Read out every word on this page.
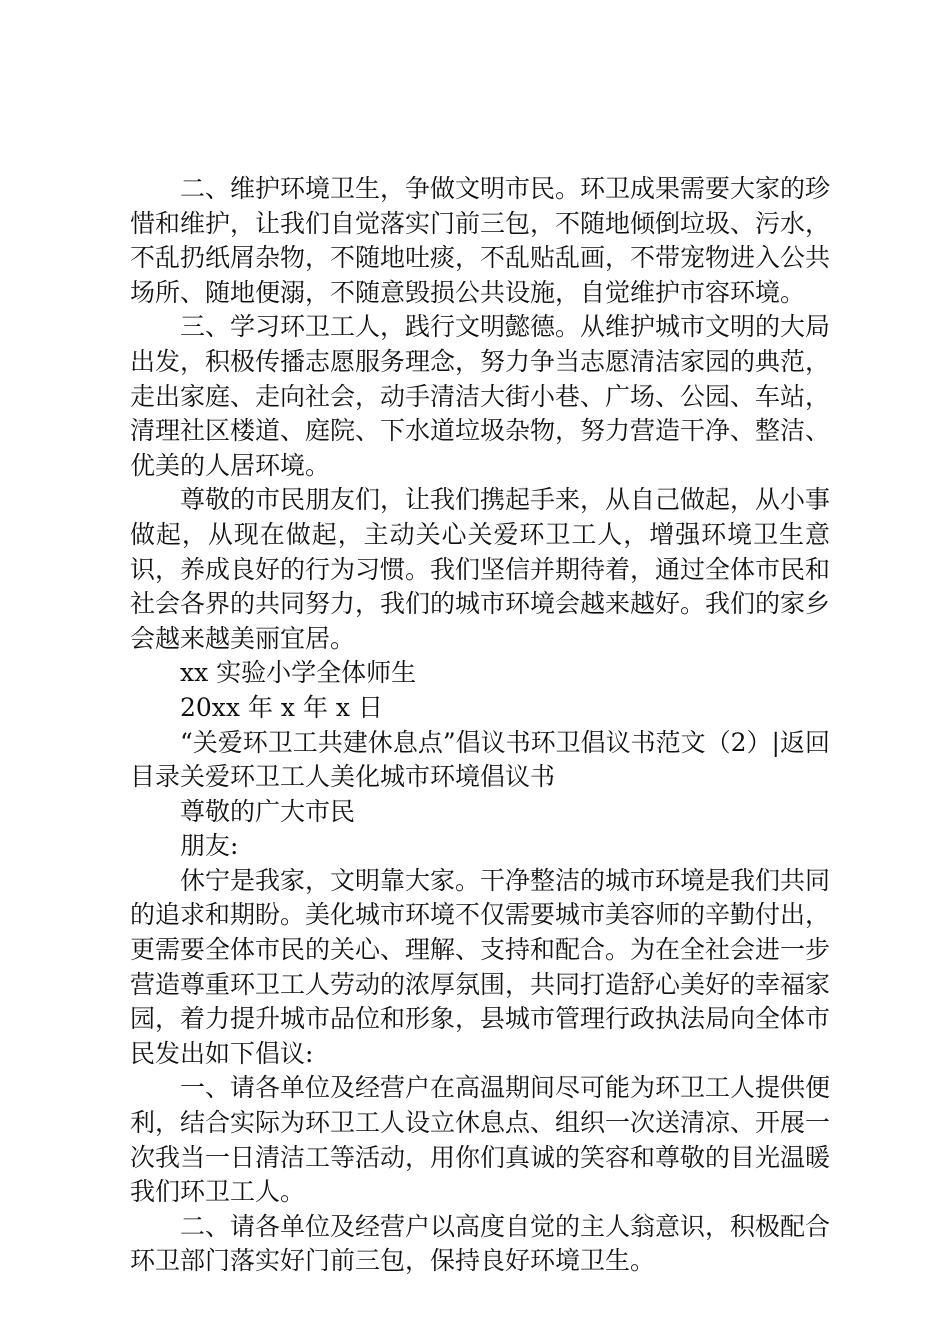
二、维护环境卫生，争做文明市民。环卫成果需要大家的珍惜和维护，让我们自觉落实门前三包，不随地倾倒垃圾、污水，不乱扔纸屑杂物，不随地吐痰，不乱贴乱画，不带宠物进入公共场所、随地便溺，不随意毁损公共设施，自觉维护市容环境。

三、学习环卫工人，践行文明懿德。从维护城市文明的大局出发，积极传播志愿服务理念，努力争当志愿清洁家园的典范，走出家庭、走向社会，动手清洁大街小巷、广场、公园、车站，清理社区楼道、庭院、下水道垃圾杂物，努力营造干净、整洁、优美的人居环境。

尊敬的市民朋友们，让我们携起手来，从自己做起，从小事做起，从现在做起，主动关心关爱环卫工人，增强环境卫生意识，养成良好的行为习惯。我们坚信并期待着，通过全体市民和社会各界的共同努力，我们的城市环境会越来越好。我们的家乡会越来越美丽宜居。

xx 实验小学全体师生

20xx 年 x 年 x 日

“关爱环卫工共建休息点”倡议书环卫倡议书范文（2）|返回目录关爱环卫工人美化城市环境倡议书

尊敬的广大市民

朋友:

休宁是我家，文明靠大家。干净整洁的城市环境是我们共同的追求和期盼。美化城市环境不仅需要城市美容师的辛勤付出，更需要全体市民的关心、理解、支持和配合。为在全社会进一步营造尊重环卫工人劳动的浓厚氛围，共同打造舒心美好的幸福家园，着力提升城市品位和形象，县城市管理行政执法局向全体市民发出如下倡议:

一、请各单位及经营户在高温期间尽可能为环卫工人提供便利，结合实际为环卫工人设立休息点、组织一次送清凉、开展一次我当一日清洁工等活动，用你们真诚的笑容和尊敬的目光温暖我们环卫工人。

二、请各单位及经营户以高度自觉的主人翁意识，积极配合环卫部门落实好门前三包，保持良好环境卫生。
